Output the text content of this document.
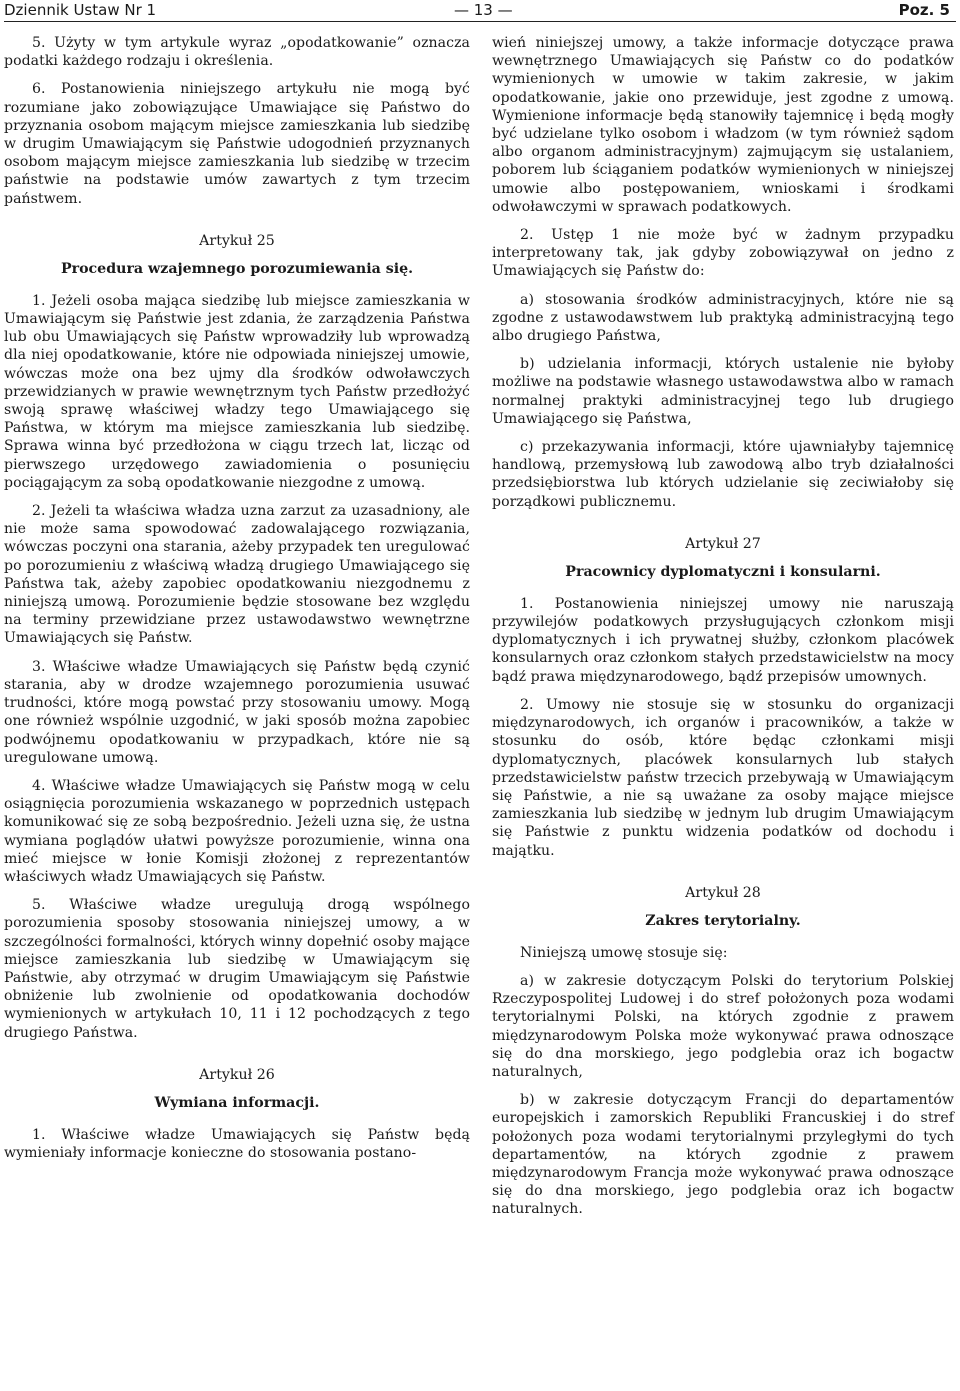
Dziennik Ustaw Nr 1	— 13 —	Poz. 5

5. Użyty w tym artykule wyraz „opodatkowanie” oznacza podatki każdego rodzaju i określenia.

6. Postanowienia niniejszego artykułu nie mogą być rozumiane jako zobowiązujące Umawiające się Państwo do przyznania osobom mającym miejsce zamieszkania lub siedzibę w drugim Umawiającym się Państwie udogodnień przyznanych osobom mającym miejsce zamieszkania lub siedzibę w trzecim państwie na podstawie umów zawartych z tym trzecim państwem.

Artykuł 25
Procedura wzajemnego porozumiewania się.

1. Jeżeli osoba mająca siedzibę lub miejsce zamieszkania w Umawiającym się Państwie jest zdania, że zarządzenia Państwa lub obu Umawiających się Państw wprowadziły lub wprowadzą dla niej opodatkowanie, które nie odpowiada niniejszej umowie, wówczas może ona bez ujmy dla środków odwoławczych przewidzianych w prawie wewnętrznym tych Państw przedłożyć swoją sprawę właściwej władzy tego Umawiającego się Państwa, w którym ma miejsce zamieszkania lub siedzibę. Sprawa winna być przedłożona w ciągu trzech lat, licząc od pierwszego urzędowego zawiadomienia o posunięciu pociągającym za sobą opodatkowanie niezgodne z umową.

2. Jeżeli ta właściwa władza uzna zarzut za uzasadniony, ale nie może sama spowodować zadowalającego rozwiązania, wówczas poczyni ona starania, ażeby przypadek ten uregulować po porozumieniu z właściwą władzą drugiego Umawiającego się Państwa tak, ażeby zapobiec opodatkowaniu niezgodnemu z niniejszą umową. Porozumienie będzie stosowane bez względu na terminy przewidziane przez ustawodawstwo wewnętrzne Umawiających się Państw.

3. Właściwe władze Umawiających się Państw będą czynić starania, aby w drodze wzajemnego porozumienia usuwać trudności, które mogą powstać przy stosowaniu umowy. Mogą one również wspólnie uzgodnić, w jaki sposób można zapobiec podwójnemu opodatkowaniu w przypadkach, które nie są uregulowane umową.

4. Właściwe władze Umawiających się Państw mogą w celu osiągnięcia porozumienia wskazanego w poprzednich ustępach komunikować się ze sobą bezpośrednio. Jeżeli uzna się, że ustna wymiana poglądów ułatwi powyższe porozumienie, winna ona mieć miejsce w łonie Komisji złożonej z reprezentantów właściwych władz Umawiających się Państw.

5. Właściwe władze uregulują drogą wspólnego porozumienia sposoby stosowania niniejszej umowy, a w szczególności formalności, których winny dopełnić osoby mające miejsce zamieszkania lub siedzibę w Umawiającym się Państwie, aby otrzymać w drugim Umawiającym się Państwie obniżenie lub zwolnienie od opodatkowania dochodów wymienionych w artykułach 10, 11 i 12 pochodzących z tego drugiego Państwa.

Artykuł 26
Wymiana informacji.

1. Właściwe władze Umawiających się Państw będą wymieniały informacje konieczne do stosowania postano-

wień niniejszej umowy, a także informacje dotyczące prawa wewnętrznego Umawiających się Państw co do podatków wymienionych w umowie w takim zakresie, w jakim opodatkowanie, jakie ono przewiduje, jest zgodne z umową. Wymienione informacje będą stanowiły tajemnicę i będą mogły być udzielane tylko osobom i władzom (w tym również sądom albo organom administracyjnym) zajmującym się ustalaniem, poborem lub ściąganiem podatków wymienionych w niniejszej umowie albo postępowaniem, wnioskami i środkami odwoławczymi w sprawach podatkowych.

2. Ustęp 1 nie może być w żadnym przypadku interpretowany tak, jak gdyby zobowiązywał on jedno z Umawiających się Państw do:

a) stosowania środków administracyjnych, które nie są zgodne z ustawodawstwem lub praktyką administracyjną tego albo drugiego Państwa,

b) udzielania informacji, których ustalenie nie byłoby możliwe na podstawie własnego ustawodawstwa albo w ramach normalnej praktyki administracyjnej tego lub drugiego Umawiającego się Państwa,

c) przekazywania informacji, które ujawniałyby tajemnicę handlową, przemysłową lub zawodową albo tryb działalności przedsiębiorstwa lub których udzielanie się zeciwiałoby się porządkowi publicznemu.

Artykuł 27
Pracownicy dyplomatyczni i konsularni.

1. Postanowienia niniejszej umowy nie naruszają przywilejów podatkowych przysługujących członkom misji dyplomatycznych i ich prywatnej służby, członkom placówek konsularnych oraz członkom stałych przedstawicielstw na mocy bądź prawa międzynarodowego, bądź przepisów umownych.

2. Umowy nie stosuje się w stosunku do organizacji międzynarodowych, ich organów i pracowników, a także w stosunku do osób, które będąc członkami misji dyplomatycznych, placówek konsularnych lub stałych przedstawicielstw państw trzecich przebywają w Umawiającym się Państwie, a nie są uważane za osoby mające miejsce zamieszkania lub siedzibę w jednym lub drugim Umawiającym się Państwie z punktu widzenia podatków od dochodu i majątku.

Artykuł 28
Zakres terytorialny.

Niniejszą umowę stosuje się:

a) w zakresie dotyczącym Polski do terytorium Polskiej Rzeczypospolitej Ludowej i do stref położonych poza wodami terytorialnymi Polski, na których zgodnie z prawem międzynarodowym Polska może wykonywać prawa odnoszące się do dna morskiego, jego podglebia oraz ich bogactw naturalnych,

b) w zakresie dotyczącym Francji do departamentów europejskich i zamorskich Republiki Francuskiej i do stref położonych poza wodami terytorialnymi przyległymi do tych departamentów, na których zgodnie z prawem międzynarodowym Francja może wykonywać prawa odnoszące się do dna morskiego, jego podglebia oraz ich bogactw naturalnych.
